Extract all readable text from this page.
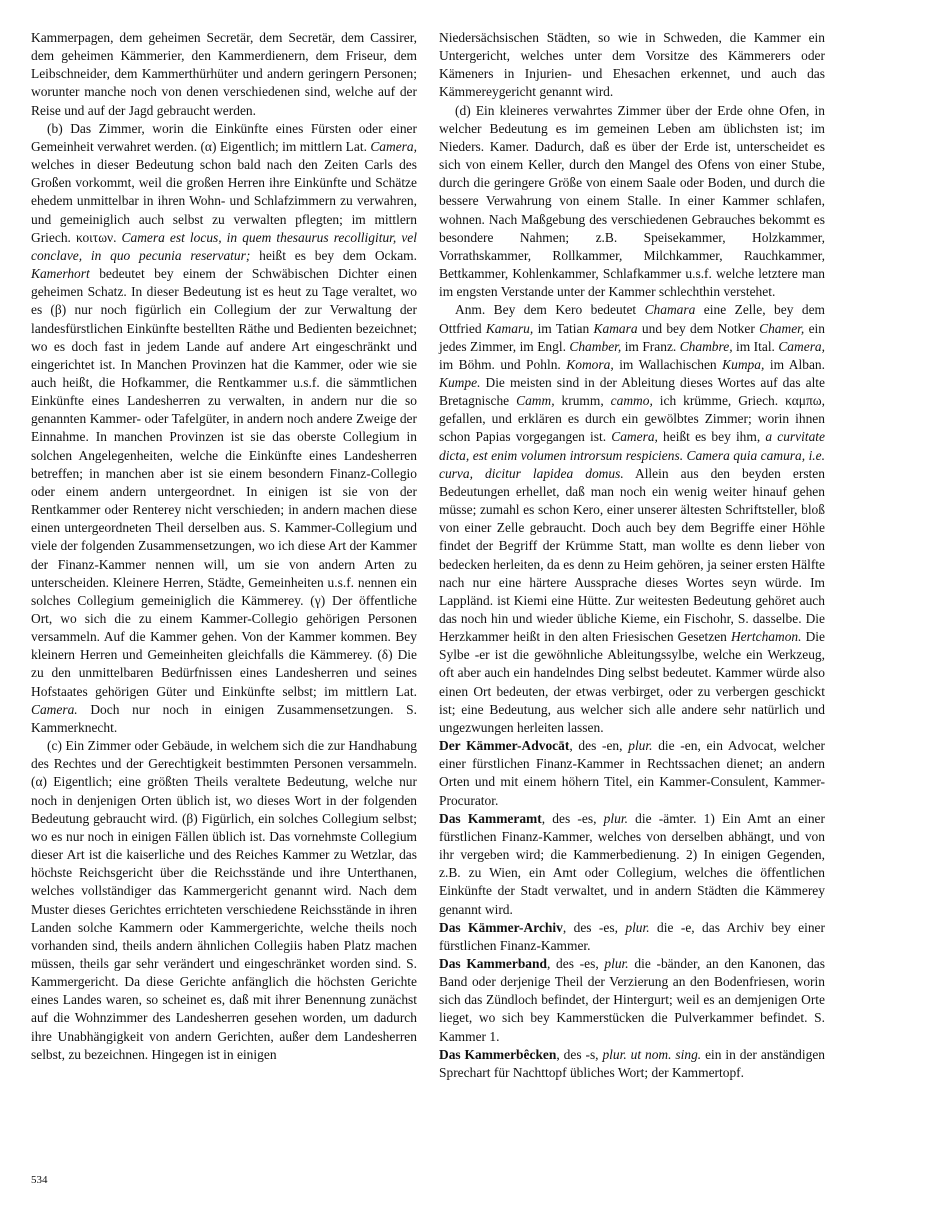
Kammerpagen, dem geheimen Secretär, dem Secretär, dem Cassirer, dem geheimen Kämmerier, den Kammerdienern, dem Friseur, dem Leibschneider, dem Kammerthürhüter und andern geringern Personen; worunter manche noch von denen verschiedenen sind, welche auf der Reise und auf der Jagd gebraucht werden.

(b) Das Zimmer, worin die Einkünfte eines Fürsten oder einer Gemeinheit verwahret werden. (α) Eigentlich; im mittlern Lat. Camera, welches in dieser Bedeutung schon bald nach den Zeiten Carls des Großen vorkommt, weil die großen Herren ihre Einkünfte und Schätze ehedem unmittelbar in ihren Wohn- und Schlafzimmern zu verwahren, und gemeiniglich auch selbst zu verwalten pflegten; im mittlern Griech. κοιτων. Camera est locus, in quem thesaurus recolligitur, vel conclave, in quo pecunia reservatur; heißt es bey dem Ockam. Kamerhort bedeutet bey einem der Schwäbischen Dichter einen geheimen Schatz. In dieser Bedeutung ist es heut zu Tage veraltet, wo es (β) nur noch figürlich ein Collegium der zur Verwaltung der landesfürstlichen Einkünfte bestellten Räthe und Bedienten bezeichnet; wo es doch fast in jedem Lande auf andere Art eingeschränkt und eingerichtet ist. In Manchen Provinzen hat die Kammer, oder wie sie auch heißt, die Hofkammer, die Rentkammer u.s.f. die sämmtlichen Einkünfte eines Landesherren zu verwalten, in andern nur die so genannten Kammer- oder Tafelgüter, in andern noch andere Zweige der Einnahme. In manchen Provinzen ist sie das oberste Collegium in solchen Angelegenheiten, welche die Einkünfte eines Landesherren betreffen; in manchen aber ist sie einem besondern Finanz-Collegio oder einem andern untergeordnet. In einigen ist sie von der Rentkammer oder Renterey nicht verschieden; in andern machen diese einen untergeordneten Theil derselben aus. S. Kammer-Collegium und viele der folgenden Zusammensetzungen, wo ich diese Art der Kammer der Finanz-Kammer nennen will, um sie von andern Arten zu unterscheiden. Kleinere Herren, Städte, Gemeinheiten u.s.f. nennen ein solches Collegium gemeiniglich die Kämmerey. (γ) Der öffentliche Ort, wo sich die zu einem Kammer-Collegio gehörigen Personen versammeln. Auf die Kammer gehen. Von der Kammer kommen. Bey kleinern Herren und Gemeinheiten gleichfalls die Kämmerey. (δ) Die zu den unmittelbaren Bedürfnissen eines Landesherren und seines Hofstaates gehörigen Güter und Einkünfte selbst; im mittlern Lat. Camera. Doch nur noch in einigen Zusammensetzungen. S. Kammerknecht.

(c) Ein Zimmer oder Gebäude, in welchem sich die zur Handhabung des Rechtes und der Gerechtigkeit bestimmten Personen versammeln. (α) Eigentlich; eine größten Theils veraltete Bedeutung, welche nur noch in denjenigen Orten üblich ist, wo dieses Wort in der folgenden Bedeutung gebraucht wird. (β) Figürlich, ein solches Collegium selbst; wo es nur noch in einigen Fällen üblich ist. Das vornehmste Collegium dieser Art ist die kaiserliche und des Reiches Kammer zu Wetzlar, das höchste Reichsgericht über die Reichsstände und ihre Unterthanen, welches vollständiger das Kammergericht genannt wird. Nach dem Muster dieses Gerichtes errichteten verschiedene Reichsstände in ihren Landen solche Kammern oder Kammergerichte, welche theils noch vorhanden sind, theils andern ähnlichen Collegiis haben Platz machen müssen, theils gar sehr verändert und eingeschränket worden sind. S. Kammergericht. Da diese Gerichte anfänglich die höchsten Gerichte eines Landes waren, so scheinet es, daß mit ihrer Benennung zunächst auf die Wohnzimmer des Landesherren gesehen worden, um dadurch ihre Unabhängigkeit von andern Gerichten, außer dem Landesherren selbst, zu bezeichnen. Hingegen ist in einigen

Niedersächsischen Städten, so wie in Schweden, die Kammer ein Untergericht, welches unter dem Vorsitze des Kämmerers oder Kämeners in Injurien- und Ehesachen erkennet, und auch das Kämmereygericht genannt wird.

(d) Ein kleineres verwahrtes Zimmer über der Erde ohne Ofen, in welcher Bedeutung es im gemeinen Leben am üblichsten ist; im Nieders. Kamer. Dadurch, daß es über der Erde ist, unterscheidet es sich von einem Keller, durch den Mangel des Ofens von einer Stube, durch die geringere Größe von einem Saale oder Boden, und durch die bessere Verwahrung von einem Stalle. In einer Kammer schlafen, wohnen. Nach Maßgebung des verschiedenen Gebrauches bekommt es besondere Nahmen; z.B. Speisekammer, Holzkammer, Vorrathskammer, Rollkammer, Milchkammer, Rauchkammer, Bettkammer, Kohlenkammer, Schlafkammer u.s.f. welche letztere man im engsten Verstande unter der Kammer schlechthin verstehet.

Anm. Bey dem Kero bedeutet Chamara eine Zelle, bey dem Ottfried Kamaru, im Tatian Kamara und bey dem Notker Chamer, ein jedes Zimmer, im Engl. Chamber, im Franz. Chambre, im Ital. Camera, im Böhm. und Pohln. Komora, im Wallachischen Kumpa, im Alban. Kumpe. Die meisten sind in der Ableitung dieses Wortes auf das alte Bretagnische Camm, krumm, cammo, ich krümme, Griech. καμπω, gefallen, und erklären es durch ein gewölbtes Zimmer; worin ihnen schon Papias vorgegangen ist. Camera, heißt es bey ihm, a curvitate dicta, est enim volumen introrsum respiciens. Camera quia camura, i.e. curva, dicitur lapidea domus. Allein aus den beyden ersten Bedeutungen erhellet, daß man noch ein wenig weiter hinauf gehen müsse; zumahl es schon Kero, einer unserer ältesten Schriftsteller, bloß von einer Zelle gebraucht. Doch auch bey dem Begriffe einer Höhle findet der Begriff der Krümme Statt, man wollte es denn lieber von bedecken herleiten, da es denn zu Heim gehören, ja seiner ersten Hälfte nach nur eine härtere Aussprache dieses Wortes seyn würde. Im Lappländ. ist Kiemi eine Hütte. Zur weitesten Bedeutung gehöret auch das noch hin und wieder übliche Kieme, ein Fischohr, S. dasselbe. Die Herzkammer heißt in den alten Friesischen Gesetzen Hertchamon. Die Sylbe -er ist die gewöhnliche Ableitungssylbe, welche ein Werkzeug, oft aber auch ein handelndes Ding selbst bedeutet. Kammer würde also einen Ort bedeuten, der etwas verbirget, oder zu verbergen geschickt ist; eine Bedeutung, aus welcher sich alle andere sehr natürlich und ungezwungen herleiten lassen.

Der Kämmer-Advocāt, des -en, plur. die -en, ein Advocat, welcher einer fürstlichen Finanz-Kammer in Rechtssachen dienet; an andern Orten und mit einem höhern Titel, ein Kammer-Consulent, Kammer-Procurator.

Das Kammeramt, des -es, plur. die -ämter. 1) Ein Amt an einer fürstlichen Finanz-Kammer, welches von derselben abhängt, und von ihr vergeben wird; die Kammerbedienung. 2) In einigen Gegenden, z.B. zu Wien, ein Amt oder Collegium, welches die öffentlichen Einkünfte der Stadt verwaltet, und in andern Städten die Kämmerey genannt wird.

Das Kämmer-Archiv, des -es, plur. die -e, das Archiv bey einer fürstlichen Finanz-Kammer.

Das Kammerband, des -es, plur. die -bänder, an den Kanonen, das Band oder derjenige Theil der Verzierung an den Bodenfriesen, worin sich das Zündloch befindet, der Hintergurt; weil es an demjenigen Orte lieget, wo sich bey Kammerstücken die Pulverkammer befindet. S. Kammer 1.

Das Kammerbêcken, des -s, plur. ut nom. sing. ein in der anständigen Sprechart für Nachttopf übliches Wort; der Kammertopf.

534
